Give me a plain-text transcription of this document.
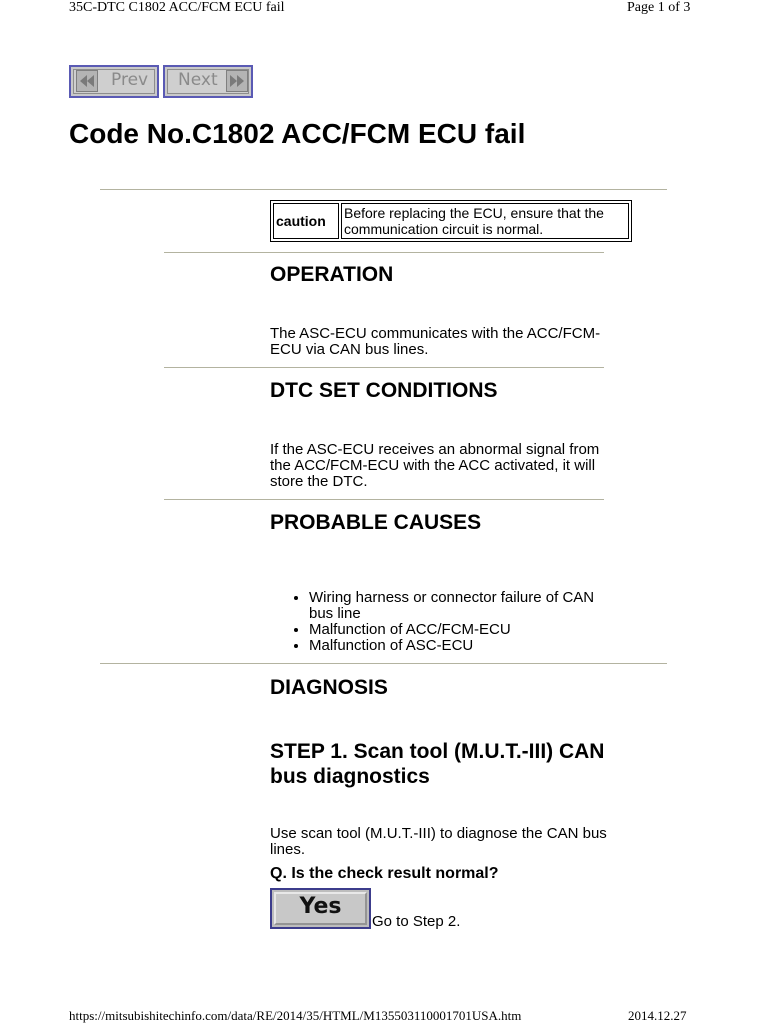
35C-DTC C1802 ACC/FCM ECU fail	Page 1 of 3
Prev Next
Code No.C1802 ACC/FCM ECU fail
caution	Before replacing the ECU, ensure that the communication circuit is normal.
OPERATION

The ASC-ECU communicates with the ACC/FCM-ECU via CAN bus lines.

DTC SET CONDITIONS

If the ASC-ECU receives an abnormal signal from the ACC/FCM-ECU with the ACC activated, it will store the DTC.

PROBABLE CAUSES
• Wiring harness or connector failure of CAN bus line
• Malfunction of ACC/FCM-ECU
• Malfunction of ASC-ECU
DIAGNOSIS
STEP 1. Scan tool (M.U.T.-III) CAN bus diagnostics

Use scan tool (M.U.T.-III) to diagnose the CAN bus lines.

Q. Is the check result normal?

Yes
Go to Step 2.
https://mitsubishitechinfo.com/data/RE/2014/35/HTML/M135503110001701USA.htm	2014.12.27
